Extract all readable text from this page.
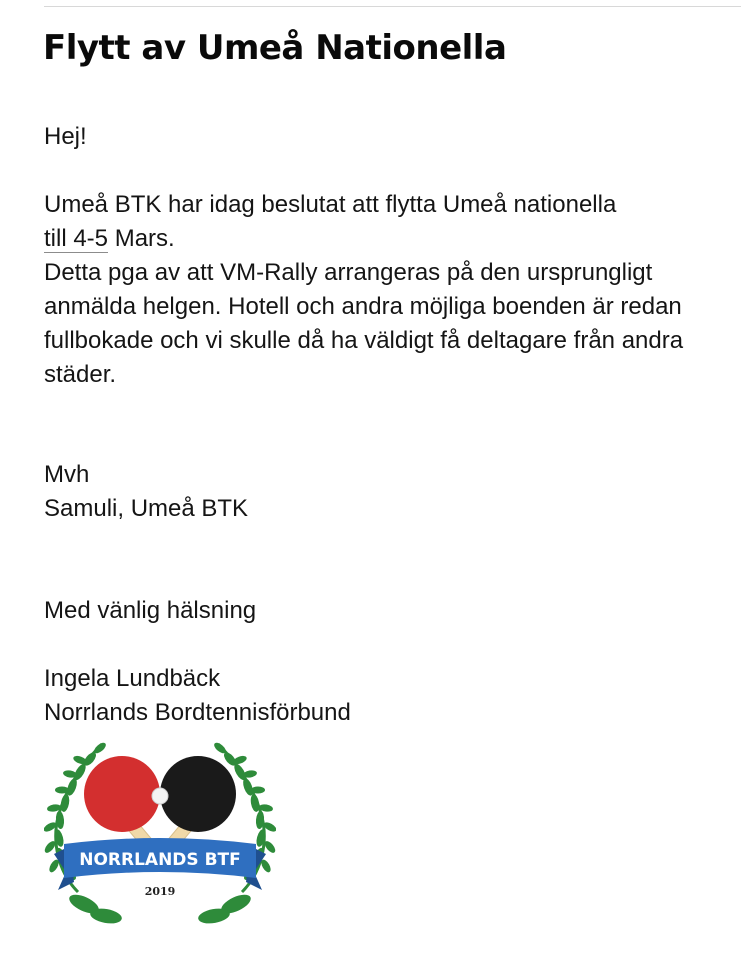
Flytt av Umeå Nationella

Hej!

Umeå BTK har idag beslutat att flytta Umeå nationella
till 4-5 Mars.

Detta pga av att VM-Rally arrangeras på den ursprungligt anmälda helgen. Hotell och andra möjliga boenden är redan fullbokade och vi skulle då ha väldigt få deltagare från andra städer.

Mvh

Samuli, Umeå BTK

Med vänlig hälsning

Ingela Lundbäck

Norrlands Bordtennisförbund

NORRLANDS BTF
2019
